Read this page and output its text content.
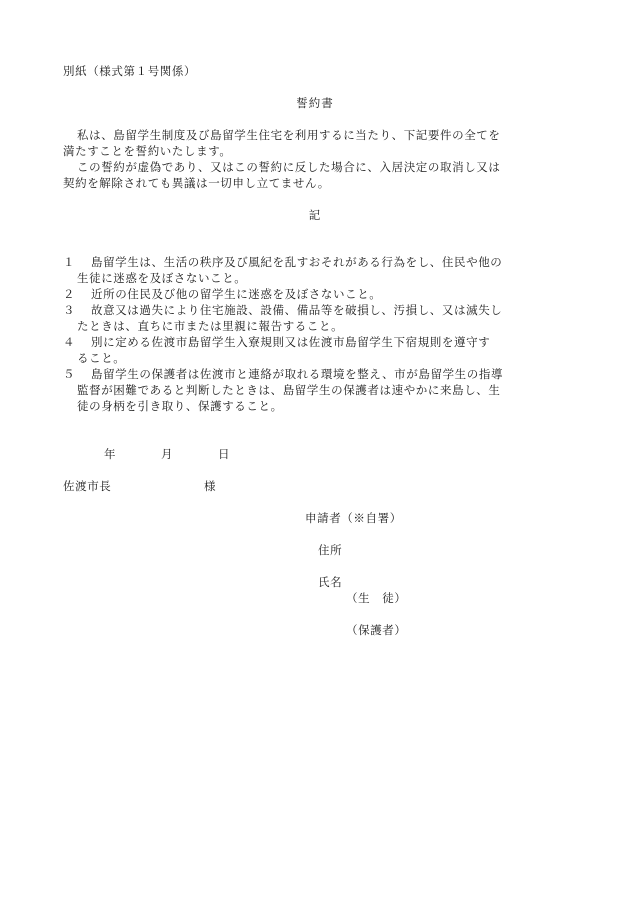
別紙（様式第１号関係）
誓約書
私は、島留学生制度及び島留学生住宅を利用するに当たり、下記要件の全てを
満たすことを誓約いたします。
この誓約が虚偽であり、又はこの誓約に反した場合に、入居決定の取消し又は
契約を解除されても異議は一切申し立てません。
記
１ 島留学生は、生活の秩序及び風紀を乱すおそれがある行為をし、住民や他の
生徒に迷惑を及ぼさないこと。
２ 近所の住民及び他の留学生に迷惑を及ぼさないこと。
３ 故意又は過失により住宅施設、設備、備品等を破損し、汚損し、又は滅失し
たときは、直ちに市または里親に報告すること。
４ 別に定める佐渡市島留学生入寮規則又は佐渡市島留学生下宿規則を遵守す
ること。
５ 島留学生の保護者は佐渡市と連絡が取れる環境を整え、市が島留学生の指導
監督が困難であると判断したときは、島留学生の保護者は速やかに来島し、生
徒の身柄を引き取り、保護すること。
年	月	日
佐渡市長	様
申請者（※自署）
住所
氏名
（生　徒）
（保護者）
